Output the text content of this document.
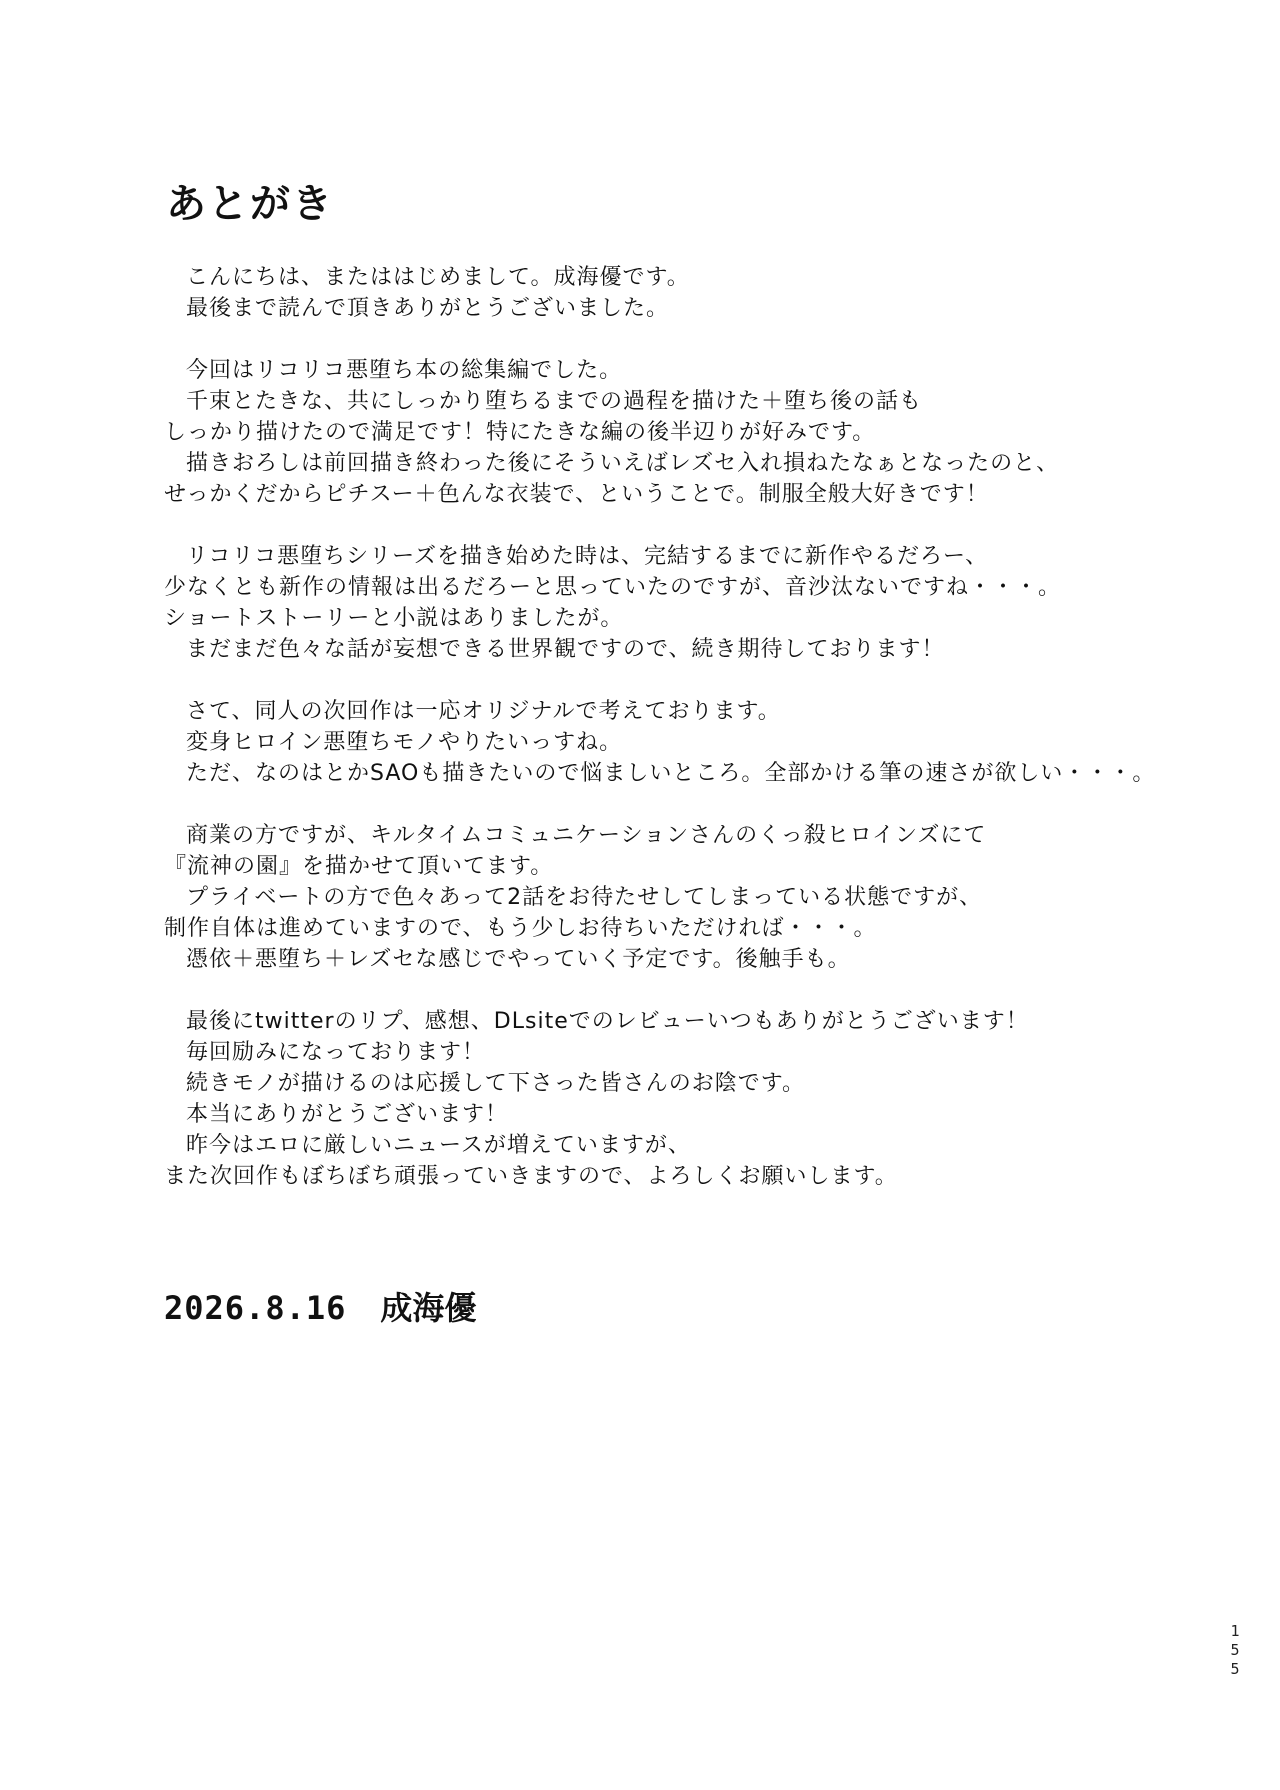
あとがき
こんにちは、またははじめまして。成海優です。
最後まで読んで頂きありがとうございました。
今回はリコリコ悪堕ち本の総集編でした。
千束とたきな、共にしっかり堕ちるまでの過程を描けた＋堕ち後の話も
しっかり描けたので満足です！特にたきな編の後半辺りが好みです。
描きおろしは前回描き終わった後にそういえばレズセ入れ損ねたなぁとなったのと、
せっかくだからピチスー＋色んな衣装で、ということで。制服全般大好きです！
リコリコ悪堕ちシリーズを描き始めた時は、完結するまでに新作やるだろー、
少なくとも新作の情報は出るだろーと思っていたのですが、音沙汰ないですね・・・。
ショートストーリーと小説はありましたが。
まだまだ色々な話が妄想できる世界観ですので、続き期待しております！
さて、同人の次回作は一応オリジナルで考えております。
変身ヒロイン悪堕ちモノやりたいっすね。
ただ、なのはとかSAOも描きたいので悩ましいところ。全部かける筆の速さが欲しい・・・。
商業の方ですが、キルタイムコミュニケーションさんのくっ殺ヒロインズにて
『流神の園』を描かせて頂いてます。
プライベートの方で色々あって2話をお待たせしてしまっている状態ですが、
制作自体は進めていますので、もう少しお待ちいただければ・・・。
憑依＋悪堕ち＋レズセな感じでやっていく予定です。後触手も。
最後にtwitterのリプ、感想、DLsiteでのレビューいつもありがとうございます！
毎回励みになっております！
続きモノが描けるのは応援して下さった皆さんのお陰です。
本当にありがとうございます！
昨今はエロに厳しいニュースが増えていますが、
また次回作もぼちぼち頑張っていきますので、よろしくお願いします。
2026.8.16 成海優
1
5
5
